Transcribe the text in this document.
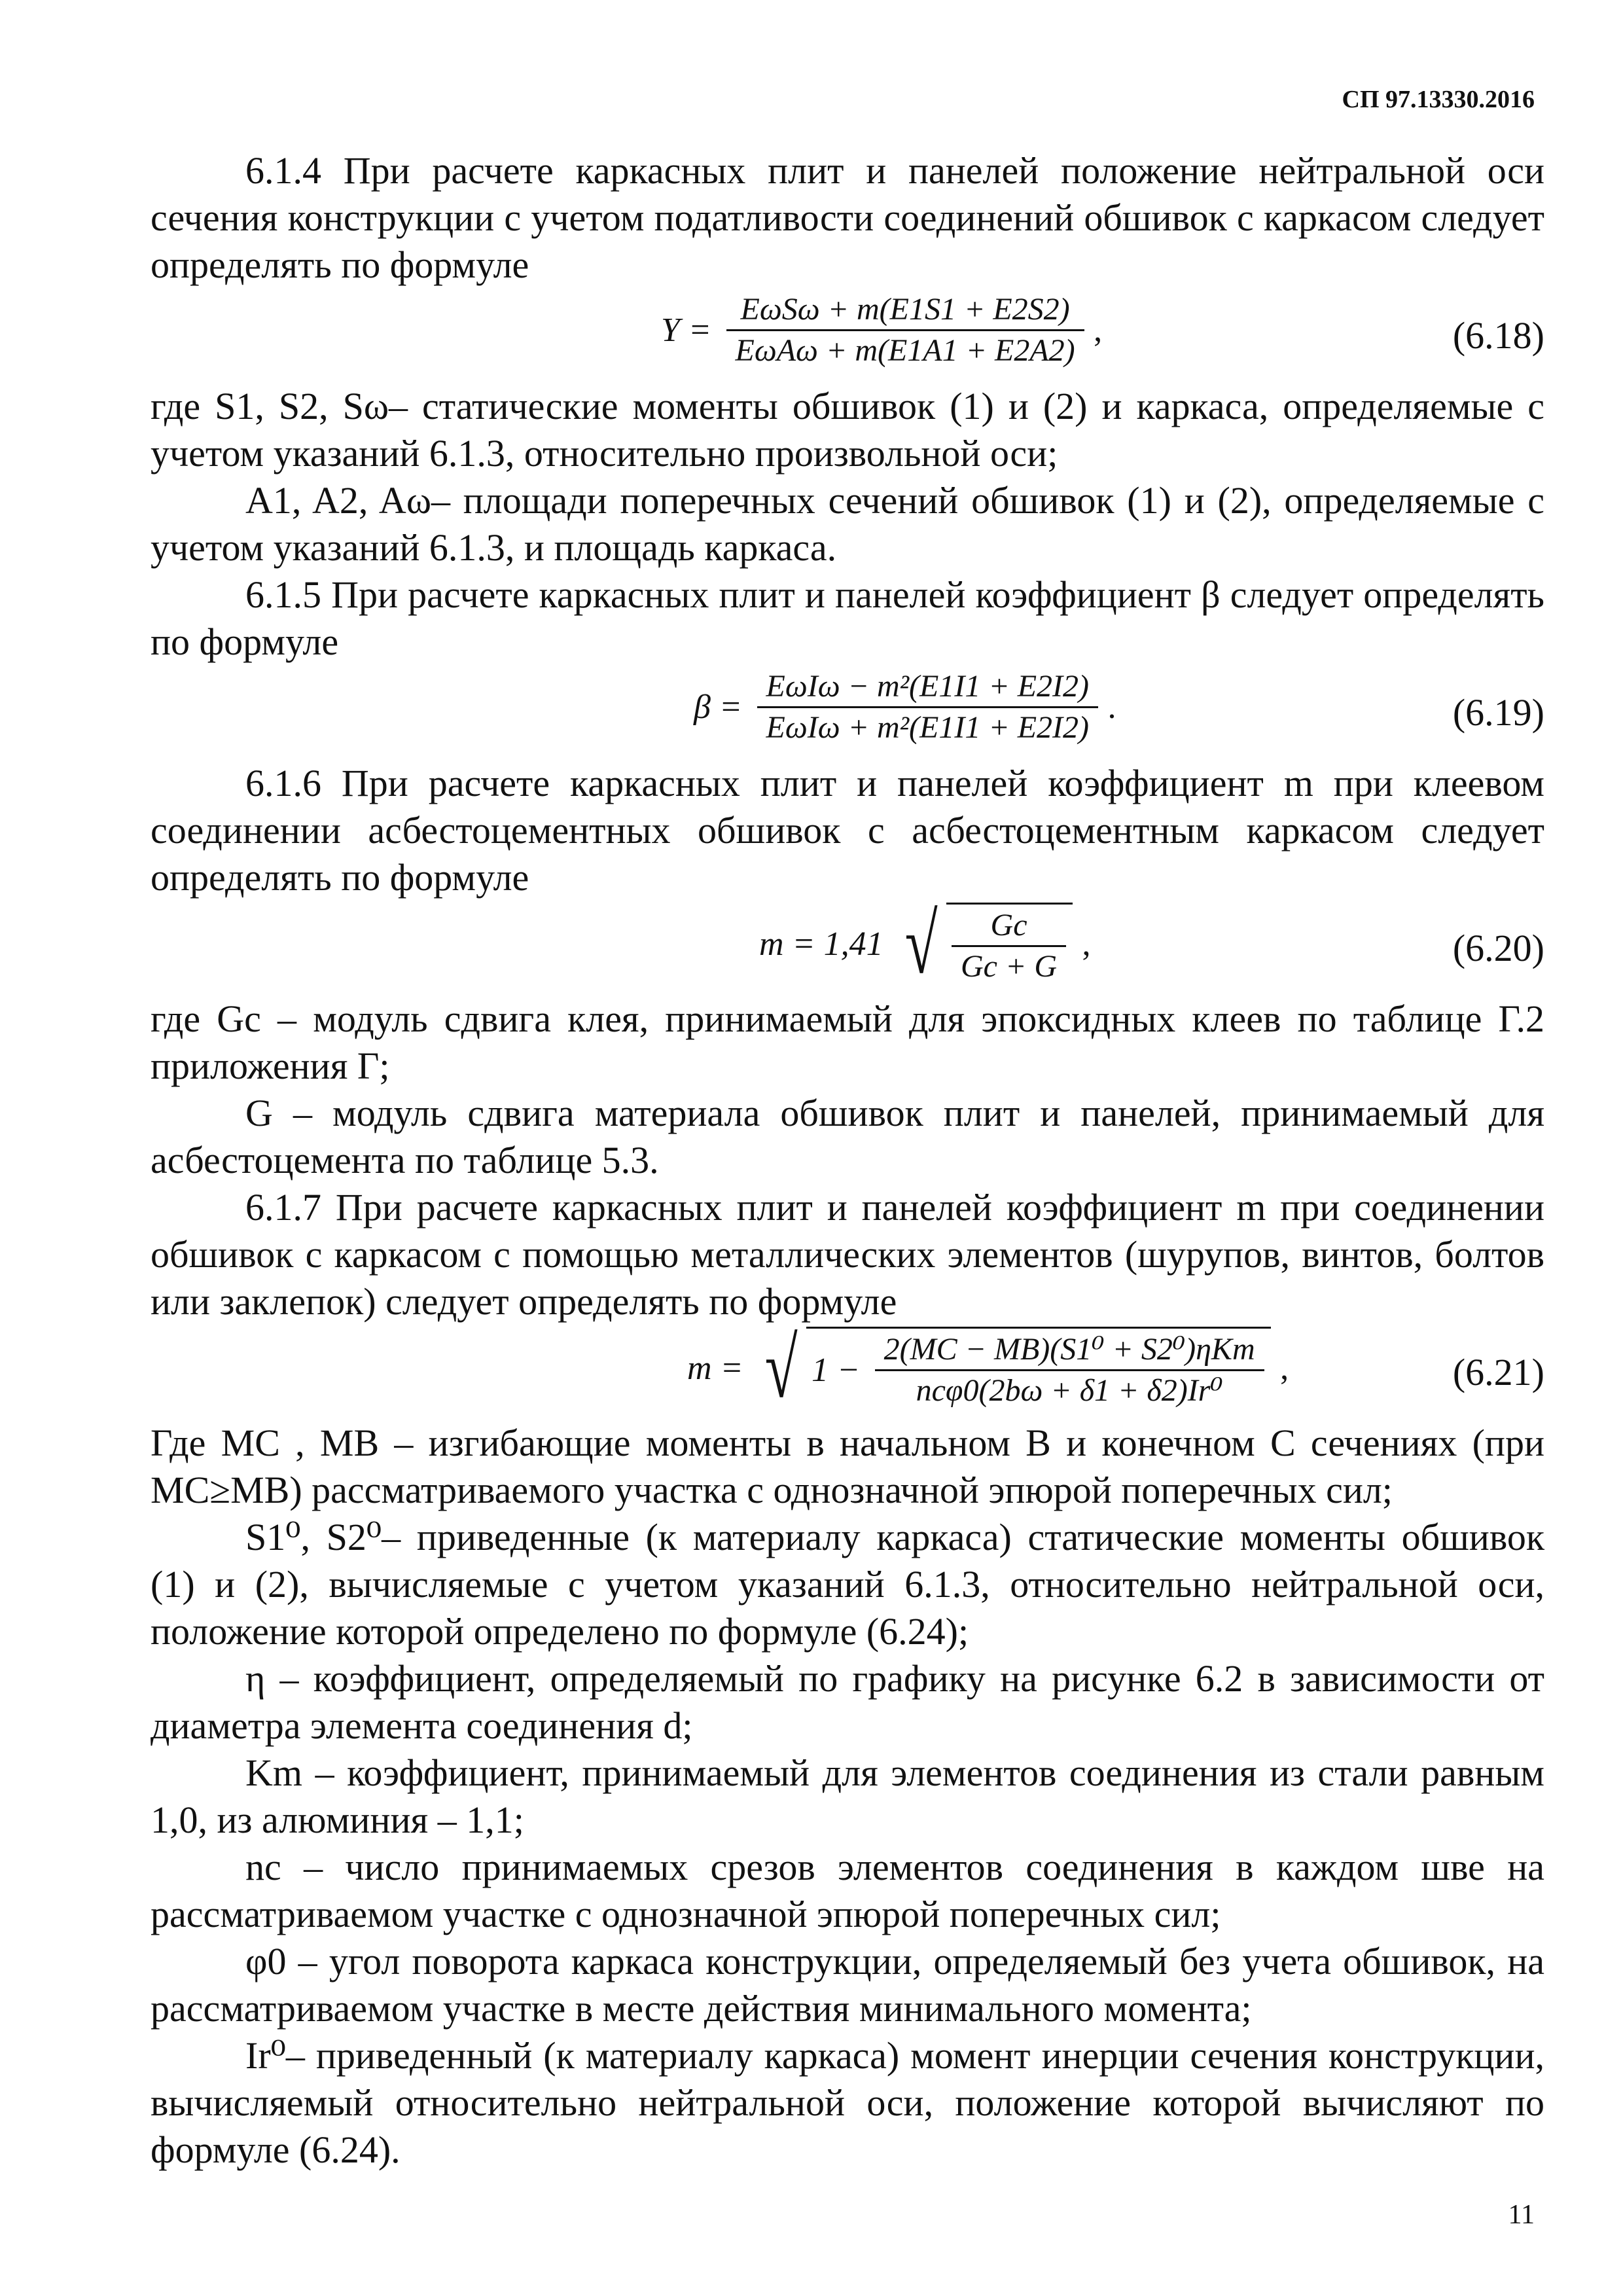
СП 97.13330.2016

6.1.4 При расчете каркасных плит и панелей положение нейтральной оси сечения конструкции с учетом податливости соединений обшивок с каркасом следует определять по формуле

$Y = \frac{\text{EωSω + m(E1S1 + E2S2)}}{\text{EωAω + m(E1A1 + E2A2)}}$ ,	(6.18)

где S1, S2, Sω– статические моменты обшивок (1) и (2) и каркаса, определяемые с учетом указаний 6.1.3, относительно произвольной оси;

A1, A2, Aω– площади поперечных сечений обшивок (1) и (2), определяемые с учетом указаний 6.1.3, и площадь каркаса.

6.1.5 При расчете каркасных плит и панелей коэффициент β следует определять по формуле

$\beta = \frac{\text{EωIω − m²(E1I1 + E2I2)}}{\text{EωIω + m²(E1I1 + E2I2)}}$ .	(6.19)

6.1.6 При расчете каркасных плит и панелей коэффициент m при клеевом соединении асбестоцементных обшивок с асбестоцементным каркасом следует определять по формуле

m = 1,41 √ $\frac{Gc}{Gc + G}$ ,	(6.20)

где Gc – модуль сдвига клея, принимаемый для эпоксидных клеев по таблице Г.2 приложения Г;

G – модуль сдвига материала обшивок плит и панелей, принимаемый для асбестоцемента по таблице 5.3.

6.1.7 При расчете каркасных плит и панелей коэффициент m при соединении обшивок с каркасом с помощью металлических элементов (шурупов, винтов, болтов или заклепок) следует определять по формуле

m = √ $1 - \frac{\text{2(MC − MB)(S1⁰ + S2⁰)ηKm}}{\text{ncφ0(2bω + δ1 + δ2)Ir⁰}}$ ,	(6.21)

Где MC , MB – изгибающие моменты в начальном B и конечном C сечениях (при MC≥MB) рассматриваемого участка с однозначной эпюрой поперечных сил;

S1⁰, S2⁰– приведенные (к материалу каркаса) статические моменты обшивок (1) и (2), вычисляемые с учетом указаний 6.1.3, относительно нейтральной оси, положение которой определено по формуле (6.24);

η – коэффициент, определяемый по графику на рисунке 6.2 в зависимости от диаметра элемента соединения d;

Km – коэффициент, принимаемый для элементов соединения из стали равным 1,0, из алюминия – 1,1;

nc – число принимаемых срезов элементов соединения в каждом шве на рассматриваемом участке с однозначной эпюрой поперечных сил;

φ0 – угол поворота каркаса конструкции, определяемый без учета обшивок, на рассматриваемом участке в месте действия минимального момента;

Ir⁰– приведенный (к материалу каркаса) момент инерции сечения конструкции, вычисляемый относительно нейтральной оси, положение которой вычисляют по формуле (6.24).

11
